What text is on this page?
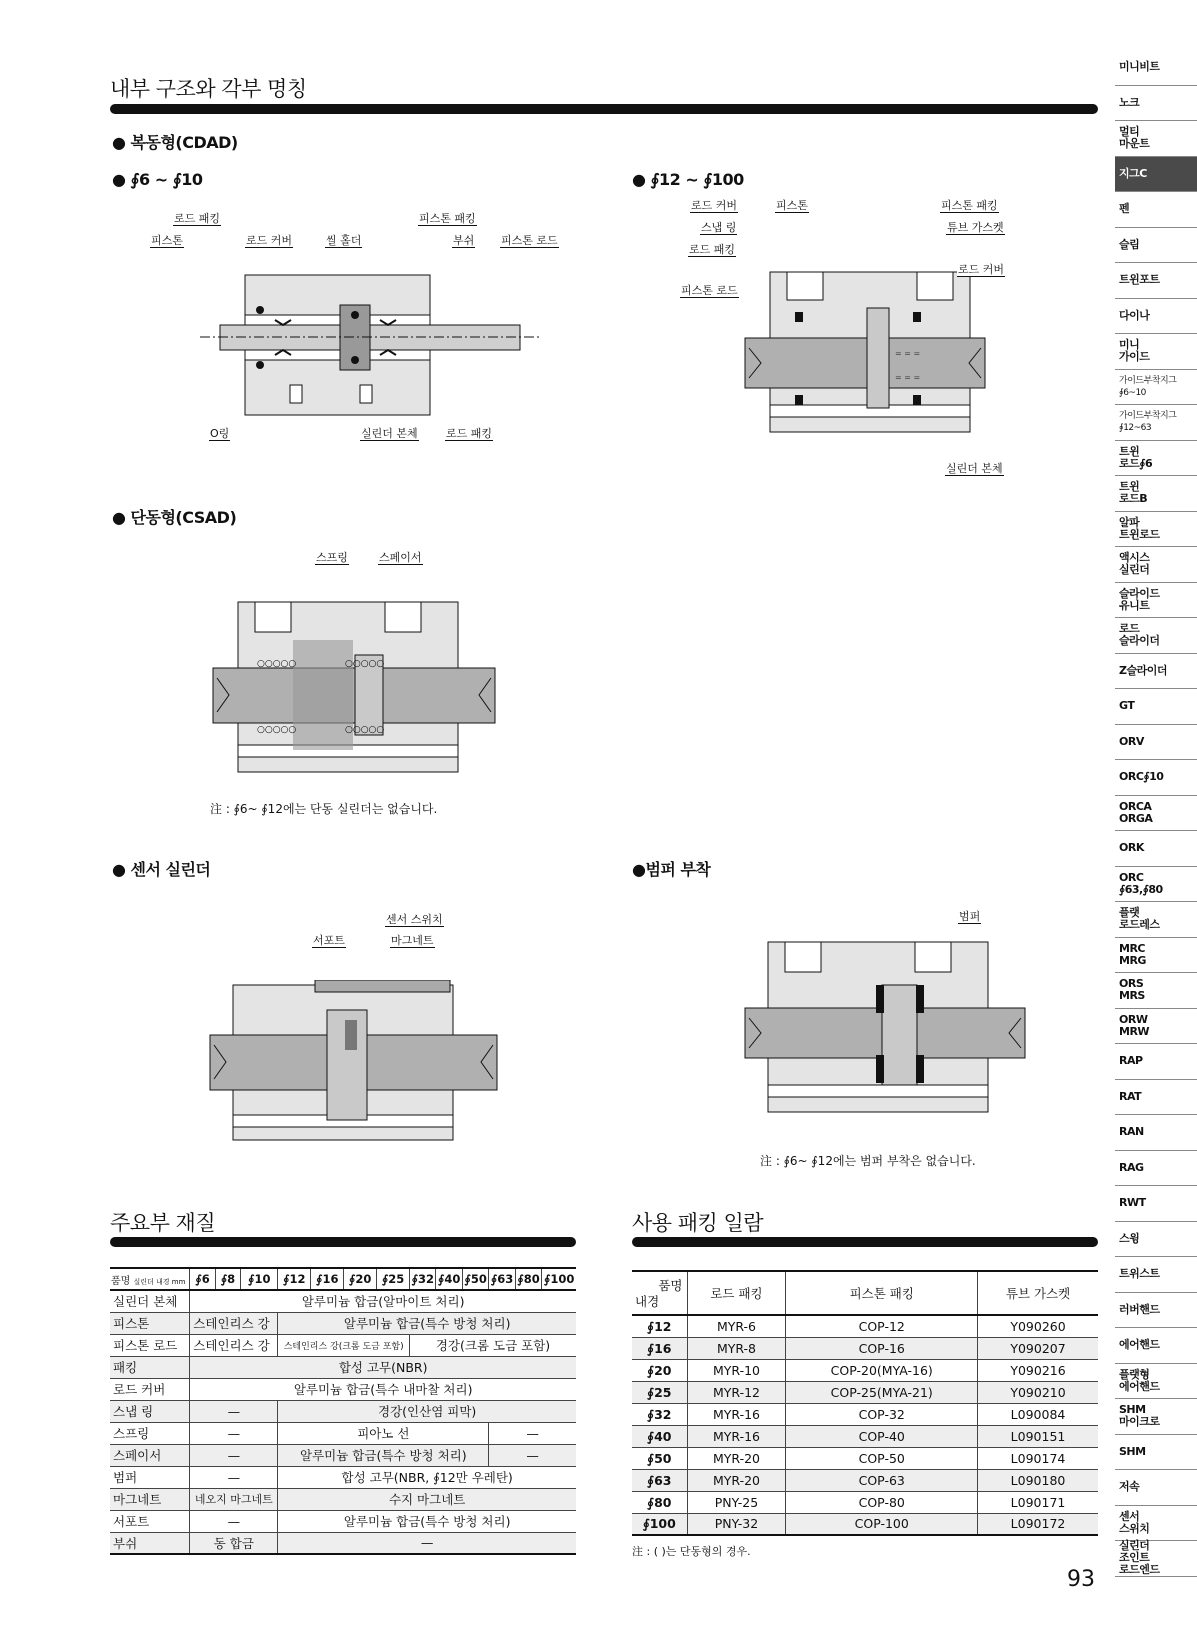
내부 구조와 각부 명칭
● 복동형(CDAD)
● ∮6 ~ ∮10	● ∮12 ~ ∮100
로드 패킹
피스톤	로드 커버	씰 홀더
피스톤 패킹
부쉬 피스톤 로드
O링	실린더 본체	로드 패킹
= = =
= = =
로드 커버	피스톤	피스톤 패킹
스냅 링	튜브 가스켓
로드 패킹
로드 커버
피스톤 로드
실린더 본체
● 단동형(CSAD)
스프링	스페이서
○○○○○	○○○○○
○○○○○	○○○○○
注 : ∮6~ ∮12에는 단동 실린더는 없습니다.
● 센서 실린더
센서 스위치
서포트	마그네트
●범퍼 부착
범퍼
注 : ∮6~ ∮12에는 범퍼 부착은 없습니다.
주요부 재질
품명 실린더 내경 mm	∮6	∮8	∮10	∮12	∮16	∮20	∮25	∮32	∮40	∮50	∮63	∮80	∮100
실린더 본체	알루미늄 합금(알마이트 처리)												
피스톤	스테인리스 강			알루미늄 합금(특수 방청 처리)									
피스톤 로드	스테인리스 강			스테인리스 강(크롬 도금 포함)				경강(크롬 도금 포함)					
패킹	합성 고무(NBR)												
로드 커버	알루미늄 합금(특수 내마찰 처리)												
스냅 링	—			경강(인산염 피막)									
스프링	—			피아노 선							—		
스페이서	—			알루미늄 합금(특수 방청 처리)							—		
범퍼	—			합성 고무(NBR, ∮12만 우레탄)									
마그네트	네오지 마그네트			수지 마그네트									
서포트	—			알루미늄 합금(특수 방청 처리)									
부쉬	동 합금			—									
사용 패킹 일람
품명
내경	로드 패킹	피스톤 패킹	튜브 가스켓
∮12	MYR-6	COP-12	Y090260
∮16	MYR-8	COP-16	Y090207
∮20	MYR-10	COP-20(MYA-16)	Y090216
∮25	MYR-12	COP-25(MYA-21)	Y090210
∮32	MYR-16	COP-32	L090084
∮40	MYR-16	COP-40	L090151
∮50	MYR-20	COP-50	L090174
∮63	MYR-20	COP-63	L090180
∮80	PNY-25	COP-80	L090171
∮100	PNY-32	COP-100	L090172
注 : ( )는 단동형의 경우.
93
미니비트
노크
멀티
마운트
지그C
펜
슬림
트윈포트
다이나
미니
가이드
가이드부착지그
∮6~10
가이드부착지그
∮12~63
트윈
로드∮6
트윈
로드B
알파
트윈로드
액시스
실린더
슬라이드
유니트
로드
슬라이더
Z슬라이더
GT
ORV
ORC∮10
ORCA
ORGA
ORK
ORC
∮63,∮80
플랫
로드레스
MRC
MRG
ORS
MRS
ORW
MRW
RAP
RAT
RAN
RAG
RWT
스윙
트위스트
러버핸드
에어핸드
플랫형
에어핸드
SHM
마이크로
SHM
저속
센서
스위치
실린더
조인트
로드엔드
